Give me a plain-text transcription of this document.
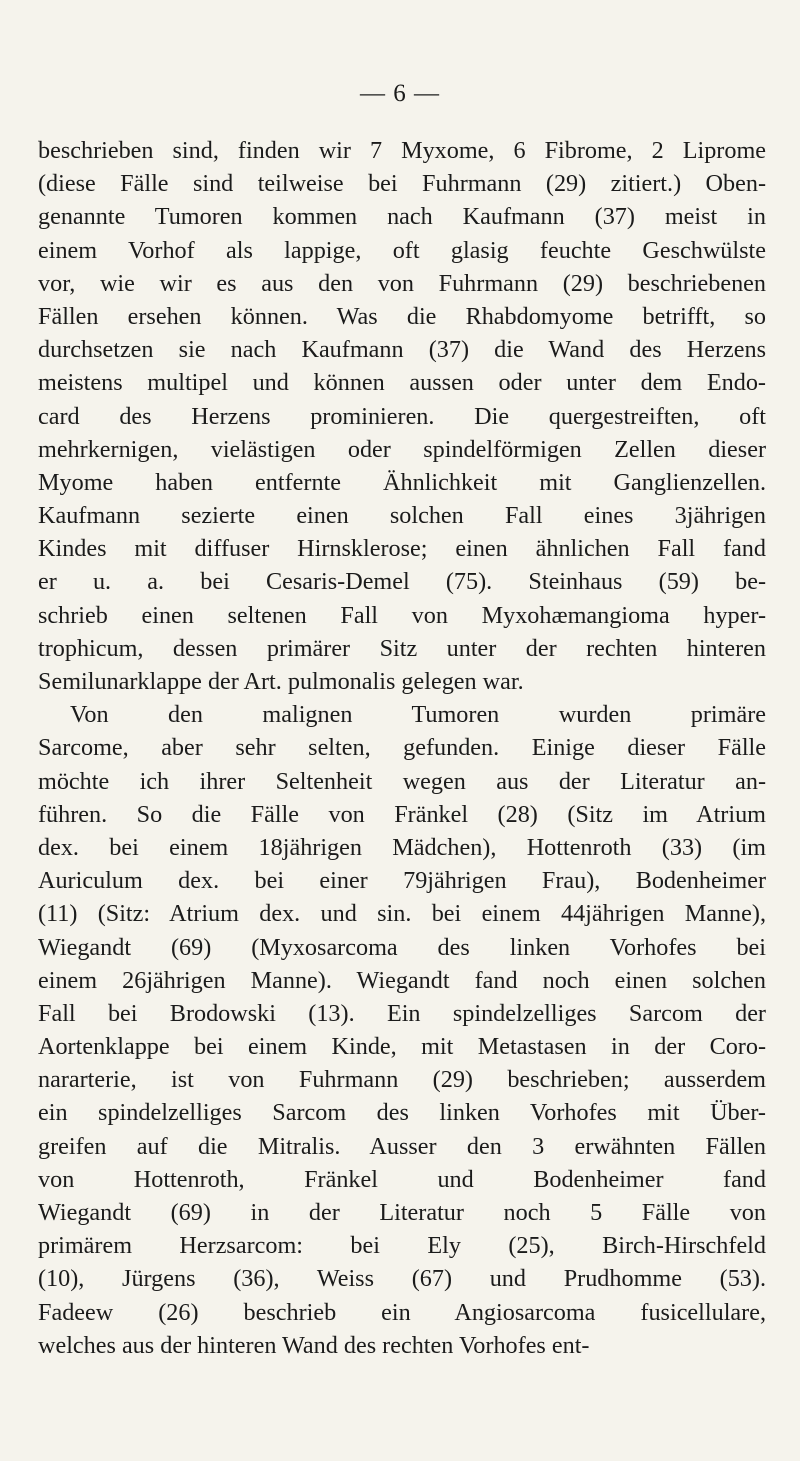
— 6 —
beschrieben sind, finden wir 7 Myxome, 6 Fibrome, 2 Liprome
(diese Fälle sind teilweise bei Fuhrmann (29) zitiert.) Oben-
genannte Tumoren kommen nach Kaufmann (37) meist in
einem Vorhof als lappige, oft glasig feuchte Geschwülste
vor, wie wir es aus den von Fuhrmann (29) beschriebenen
Fällen ersehen können. Was die Rhabdomyome betrifft, so
durchsetzen sie nach Kaufmann (37) die Wand des Herzens
meistens multipel und können aussen oder unter dem Endo-
card des Herzens prominieren. Die quergestreiften, oft
mehrkernigen, vielästigen oder spindelförmigen Zellen dieser
Myome haben entfernte Ähnlichkeit mit Ganglienzellen.
Kaufmann sezierte einen solchen Fall eines 3jährigen
Kindes mit diffuser Hirnsklerose; einen ähnlichen Fall fand
er u. a. bei Cesaris-Demel (75). Steinhaus (59) be-
schrieb einen seltenen Fall von Myxohæmangioma hyper-
trophicum, dessen primärer Sitz unter der rechten hinteren
Semilunarklappe der Art. pulmonalis gelegen war.
Von den malignen Tumoren wurden primäre
Sarcome, aber sehr selten, gefunden. Einige dieser Fälle
möchte ich ihrer Seltenheit wegen aus der Literatur an-
führen. So die Fälle von Fränkel (28) (Sitz im Atrium
dex. bei einem 18jährigen Mädchen), Hottenroth (33) (im
Auriculum dex. bei einer 79jährigen Frau), Bodenheimer
(11) (Sitz: Atrium dex. und sin. bei einem 44jährigen Manne),
Wiegandt (69) (Myxosarcoma des linken Vorhofes bei
einem 26jährigen Manne). Wiegandt fand noch einen solchen
Fall bei Brodowski (13). Ein spindelzelliges Sarcom der
Aortenklappe bei einem Kinde, mit Metastasen in der Coro-
nararterie, ist von Fuhrmann (29) beschrieben; ausserdem
ein spindelzelliges Sarcom des linken Vorhofes mit Über-
greifen auf die Mitralis. Ausser den 3 erwähnten Fällen
von Hottenroth, Fränkel und Bodenheimer fand
Wiegandt (69) in der Literatur noch 5 Fälle von
primärem Herzsarcom: bei Ely (25), Birch-Hirschfeld
(10), Jürgens (36), Weiss (67) und Prudhomme (53).
Fadeew (26) beschrieb ein Angiosarcoma fusicellulare,
welches aus der hinteren Wand des rechten Vorhofes ent-
